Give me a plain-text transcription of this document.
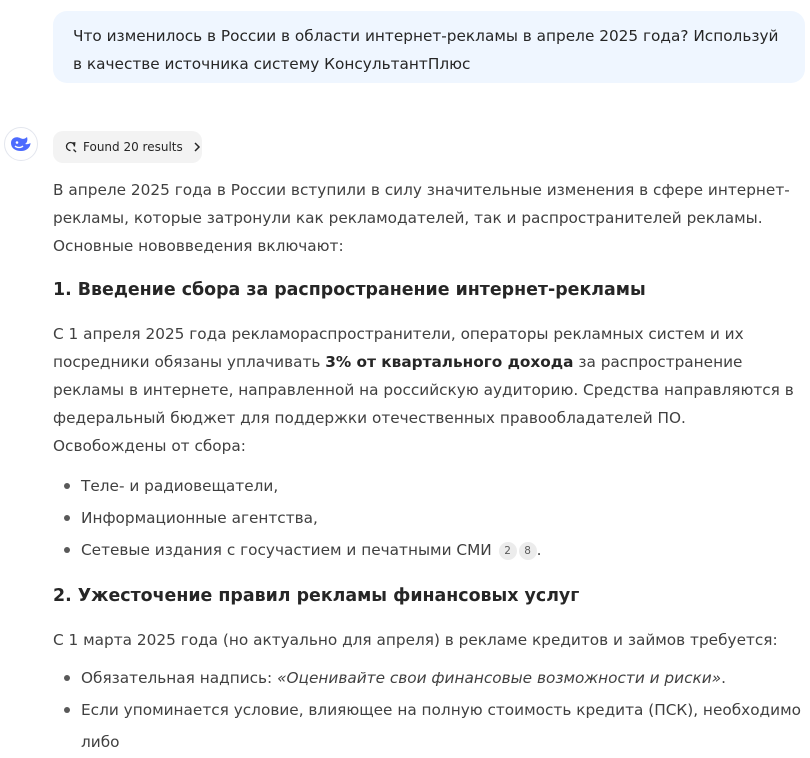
Что изменилось в России в области интернет-рекламы в апреле 2025 года? Используй в качестве источника систему КонсультантПлюс
Found 20 results
В апреле 2025 года в России вступили в силу значительные изменения в сфере интернет-рекламы, которые затронули как рекламодателей, так и распространителей рекламы. Основные нововведения включают:
1. Введение сбора за распространение интернет-рекламы
С 1 апреля 2025 года рекламораспространители, операторы рекламных систем и их посредники обязаны уплачивать 3% от квартального дохода за распространение рекламы в интернете, направленной на российскую аудиторию. Средства направляются в федеральный бюджет для поддержки отечественных правообладателей ПО.
Освобождены от сбора:
Теле- и радиовещатели,
Информационные агентства,
Сетевые издания с госучастием и печатными СМИ 2 8 .
2. Ужесточение правил рекламы финансовых услуг
С 1 марта 2025 года (но актуально для апреля) в рекламе кредитов и займов требуется:
Обязательная надпись: «Оценивайте свои финансовые возможности и риски».
Если упоминается условие, влияющее на полную стоимость кредита (ПСК), необходимо либо
